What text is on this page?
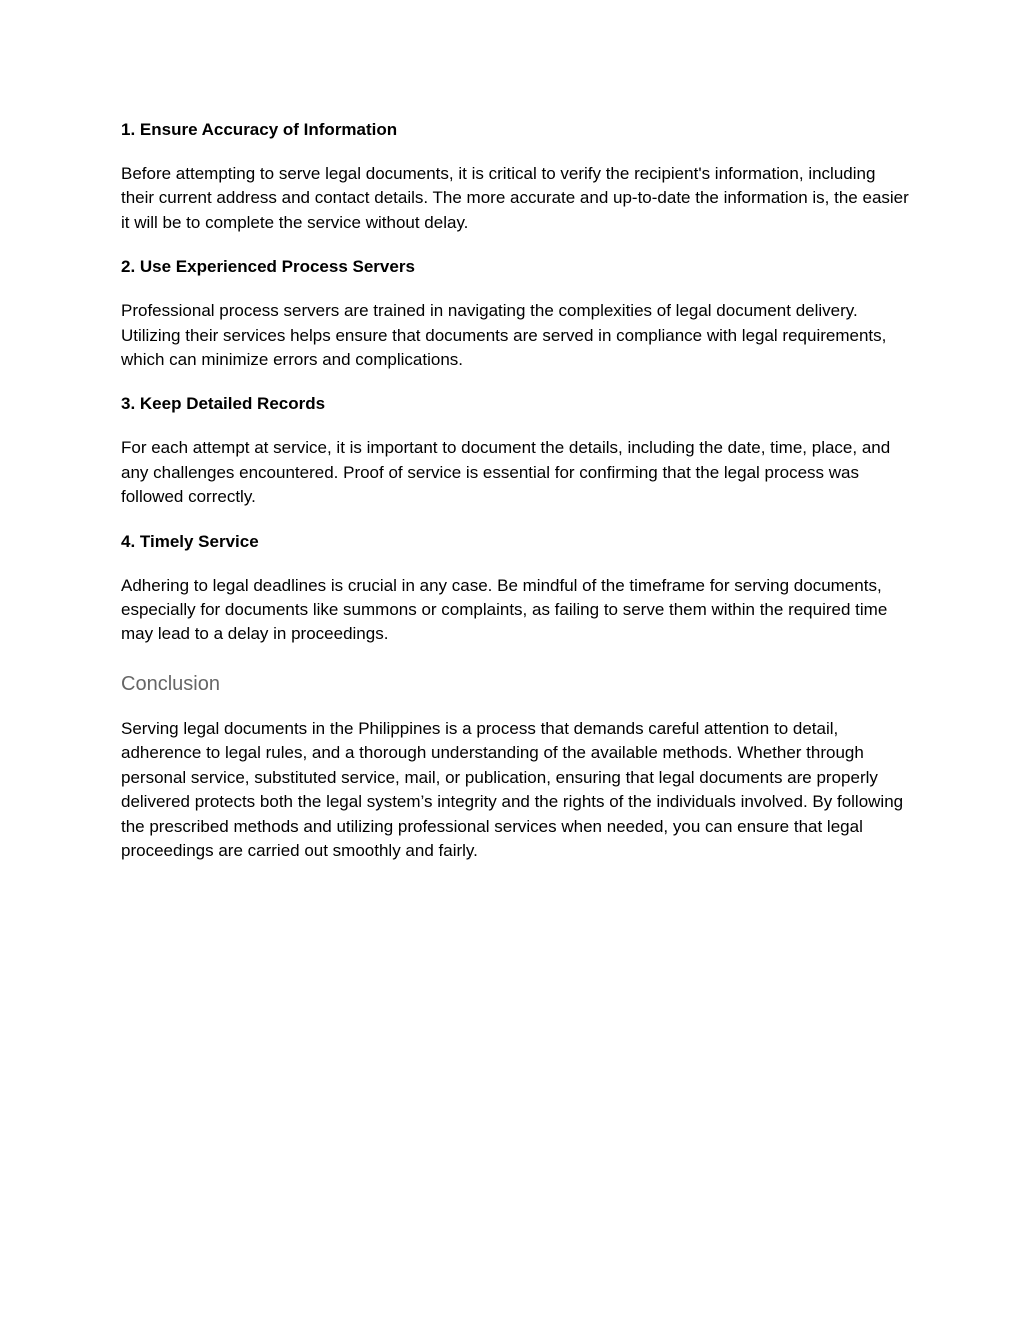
1. Ensure Accuracy of Information

Before attempting to serve legal documents, it is critical to verify the recipient's information, including their current address and contact details. The more accurate and up-to-date the information is, the easier it will be to complete the service without delay.

2. Use Experienced Process Servers

Professional process servers are trained in navigating the complexities of legal document delivery. Utilizing their services helps ensure that documents are served in compliance with legal requirements, which can minimize errors and complications.

3. Keep Detailed Records

For each attempt at service, it is important to document the details, including the date, time, place, and any challenges encountered. Proof of service is essential for confirming that the legal process was followed correctly.

4. Timely Service

Adhering to legal deadlines is crucial in any case. Be mindful of the timeframe for serving documents, especially for documents like summons or complaints, as failing to serve them within the required time may lead to a delay in proceedings.

Conclusion

Serving legal documents in the Philippines is a process that demands careful attention to detail, adherence to legal rules, and a thorough understanding of the available methods. Whether through personal service, substituted service, mail, or publication, ensuring that legal documents are properly delivered protects both the legal system’s integrity and the rights of the individuals involved. By following the prescribed methods and utilizing professional services when needed, you can ensure that legal proceedings are carried out smoothly and fairly.
